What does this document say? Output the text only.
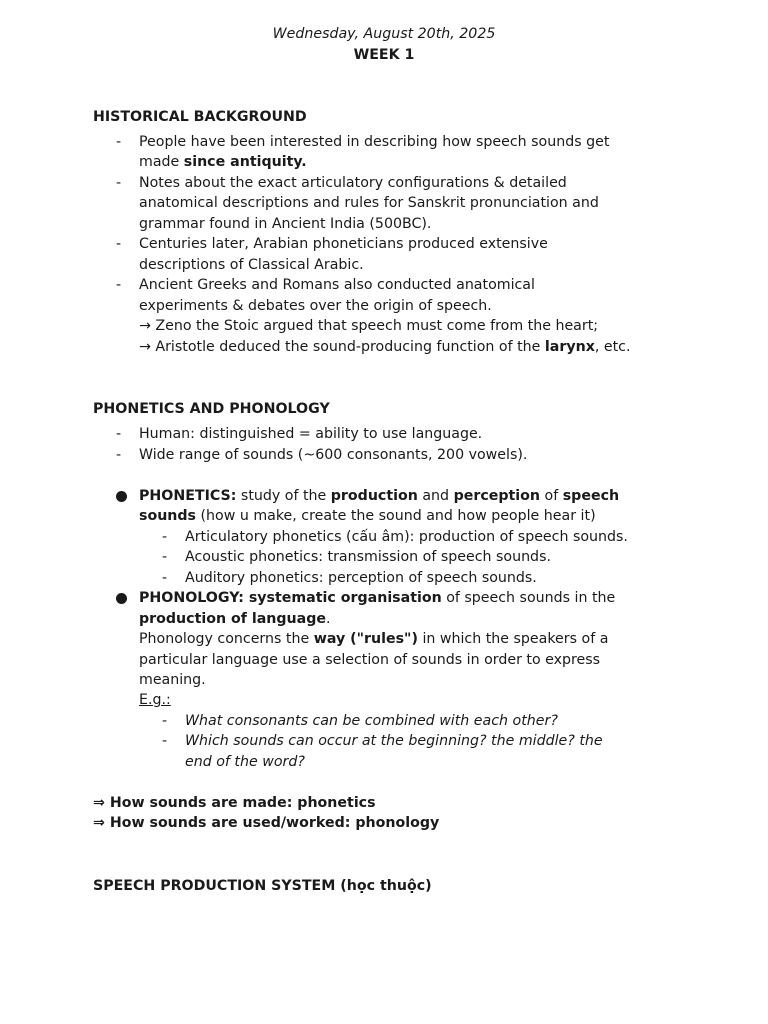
Wednesday, August 20th, 2025
WEEK 1
HISTORICAL BACKGROUND
- People have been interested in describing how speech sounds get
made since antiquity.
- Notes about the exact articulatory configurations & detailed
anatomical descriptions and rules for Sanskrit pronunciation and
grammar found in Ancient India (500BC).
- Centuries later, Arabian phoneticians produced extensive
descriptions of Classical Arabic.
- Ancient Greeks and Romans also conducted anatomical
experiments & debates over the origin of speech.
→ Zeno the Stoic argued that speech must come from the heart;
→ Aristotle deduced the sound-producing function of the larynx, etc.
PHONETICS AND PHONOLOGY
- Human: distinguished = ability to use language.
- Wide range of sounds (~600 consonants, 200 vowels).
PHONETICS: study of the production and perception of speech
sounds (how u make, create the sound and how people hear it)
- Articulatory phonetics (cấu âm): production of speech sounds.
- Acoustic phonetics: transmission of speech sounds.
- Auditory phonetics: perception of speech sounds.
PHONOLOGY: systematic organisation of speech sounds in the
production of language.
Phonology concerns the way ("rules") in which the speakers of a
particular language use a selection of sounds in order to express
meaning.
E.g.:
- What consonants can be combined with each other?
- Which sounds can occur at the beginning? the middle? the
end of the word?
⇒ How sounds are made: phonetics
⇒ How sounds are used/worked: phonology
SPEECH PRODUCTION SYSTEM (học thuộc)
